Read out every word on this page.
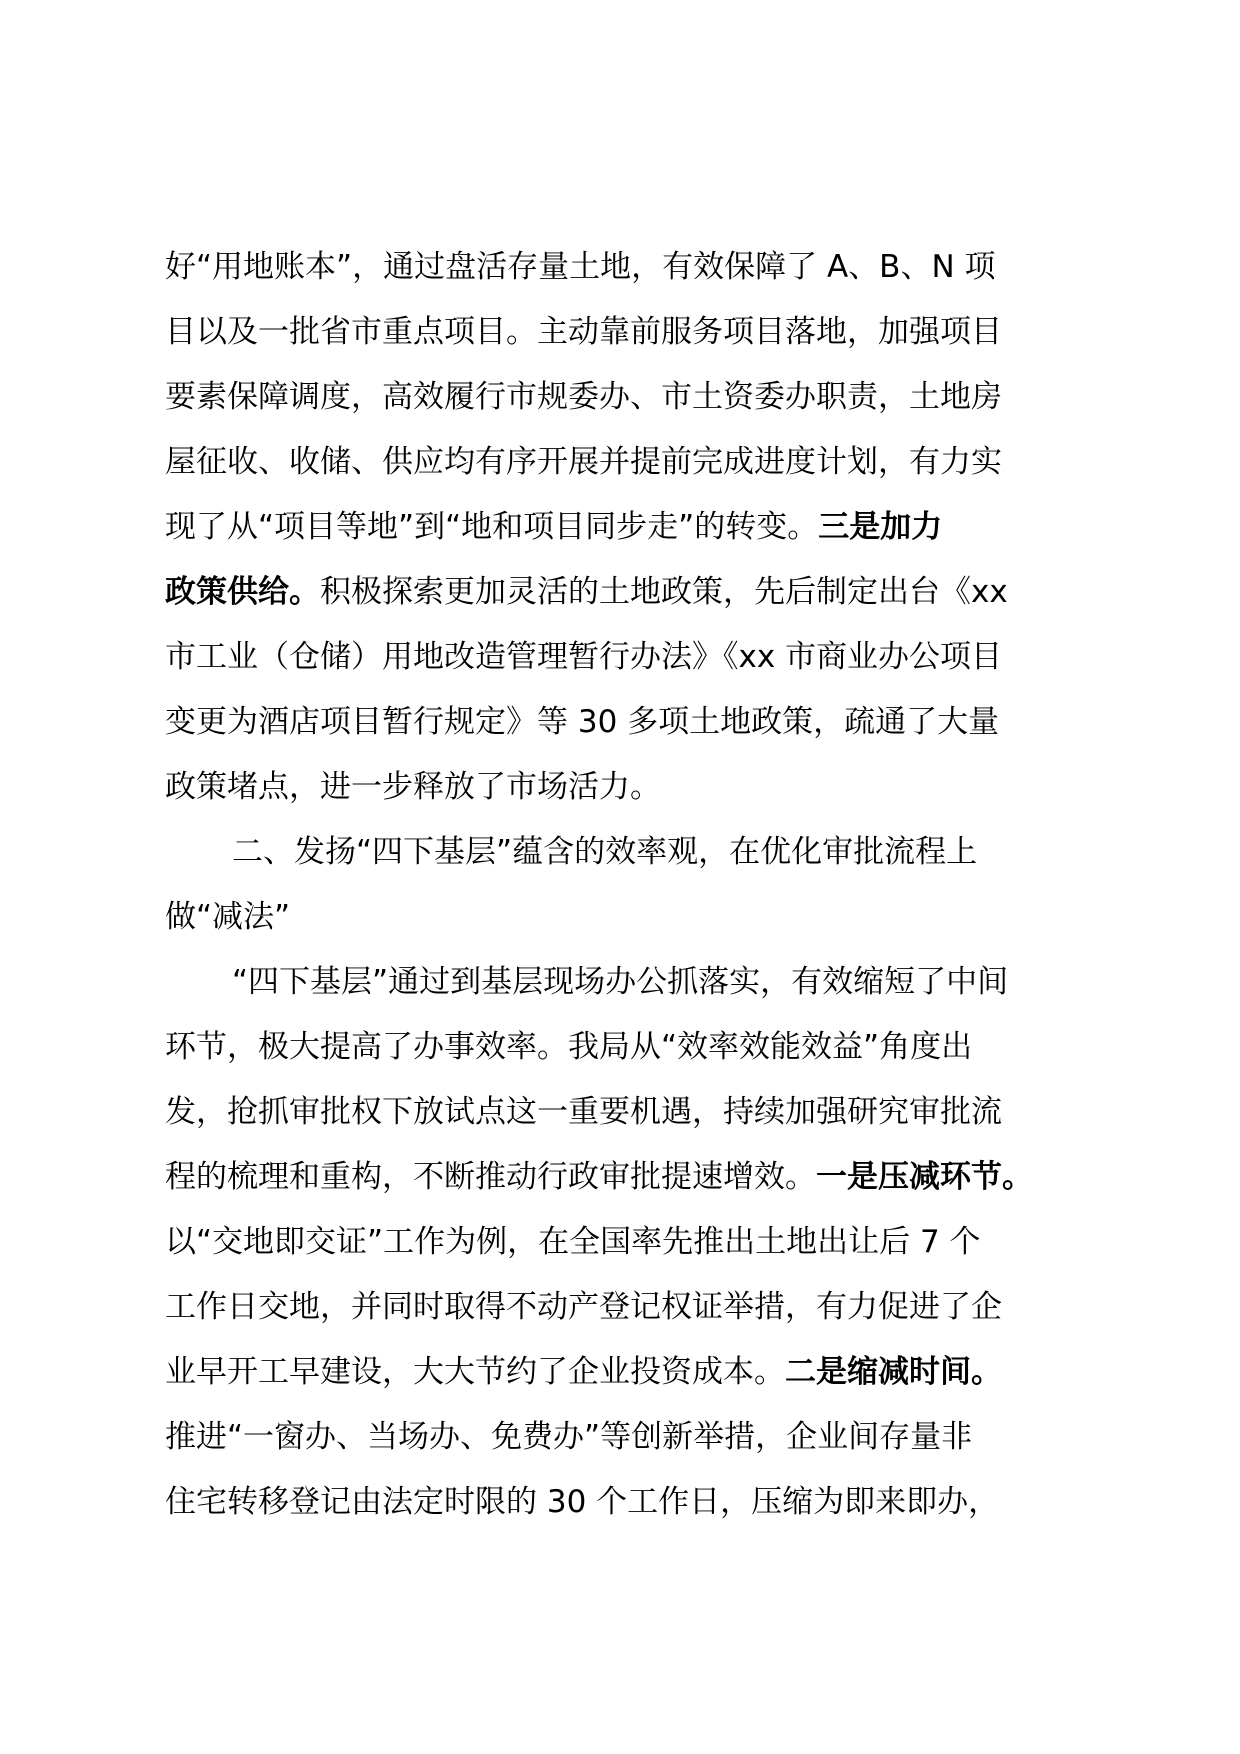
好“用地账本”，通过盘活存量土地，有效保障了 A、B、N 项
目以及一批省市重点项目。主动靠前服务项目落地，加强项目
要素保障调度，高效履行市规委办、市土资委办职责，土地房
屋征收、收储、供应均有序开展并提前完成进度计划，有力实
现了从“项目等地”到“地和项目同步走”的转变。三是加力
政策供给。积极探索更加灵活的土地政策，先后制定出台《xx
市工业（仓储）用地改造管理暂行办法》《xx 市商业办公项目
变更为酒店项目暂行规定》等 30 多项土地政策，疏通了大量
政策堵点，进一步释放了市场活力。
二、发扬“四下基层”蕴含的效率观，在优化审批流程上
做“减法”
“四下基层”通过到基层现场办公抓落实，有效缩短了中间
环节，极大提高了办事效率。我局从“效率效能效益”角度出
发，抢抓审批权下放试点这一重要机遇，持续加强研究审批流
程的梳理和重构，不断推动行政审批提速增效。一是压减环节。
以“交地即交证”工作为例，在全国率先推出土地出让后 7 个
工作日交地，并同时取得不动产登记权证举措，有力促进了企
业早开工早建设，大大节约了企业投资成本。二是缩减时间。
推进“一窗办、当场办、免费办”等创新举措，企业间存量非
住宅转移登记由法定时限的 30 个工作日，压缩为即来即办，
